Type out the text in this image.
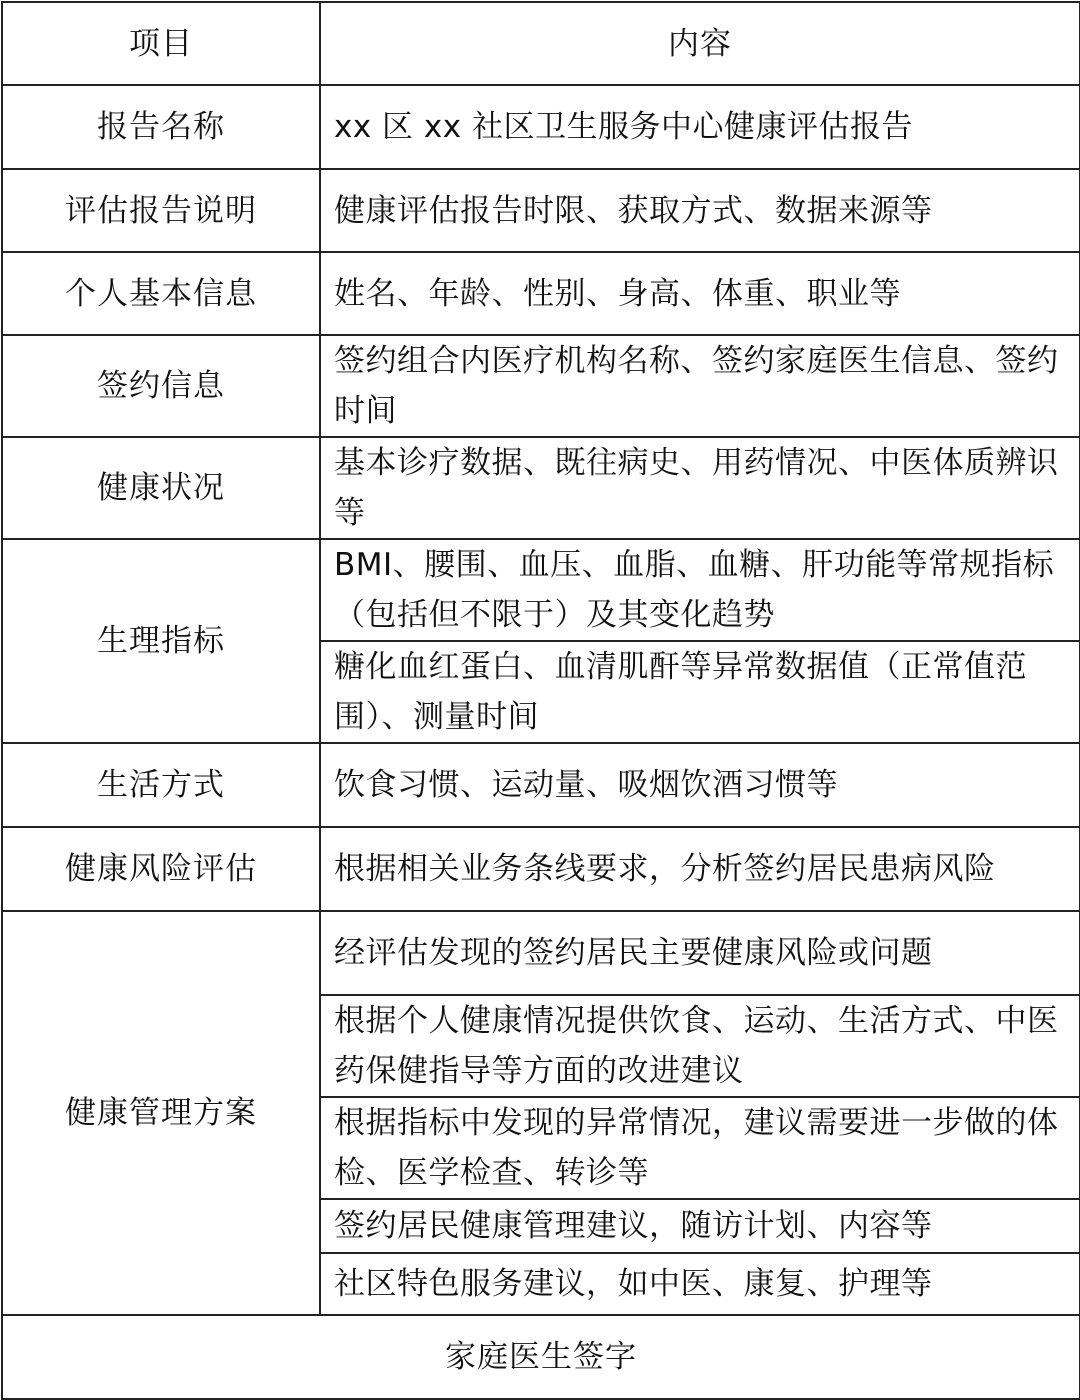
项目	内容
报告名称	xx 区 xx 社区卫生服务中心健康评估报告
评估报告说明	健康评估报告时限、获取方式、数据来源等
个人基本信息	姓名、年龄、性别、身高、体重、职业等
签约信息	签约组合内医疗机构名称、签约家庭医生信息、签约时间
健康状况	基本诊疗数据、既往病史、用药情况、中医体质辨识等
生理指标	BMI、腰围、血压、血脂、血糖、肝功能等常规指标（包括但不限于）及其变化趋势
	糖化血红蛋白、血清肌酐等异常数据值（正常值范围）、测量时间
生活方式	饮食习惯、运动量、吸烟饮酒习惯等
健康风险评估	根据相关业务条线要求，分析签约居民患病风险
健康管理方案	经评估发现的签约居民主要健康风险或问题
	根据个人健康情况提供饮食、运动、生活方式、中医药保健指导等方面的改进建议
	根据指标中发现的异常情况，建议需要进一步做的体检、医学检查、转诊等
	签约居民健康管理建议，随访计划、内容等
	社区特色服务建议，如中医、康复、护理等
家庭医生签字	
